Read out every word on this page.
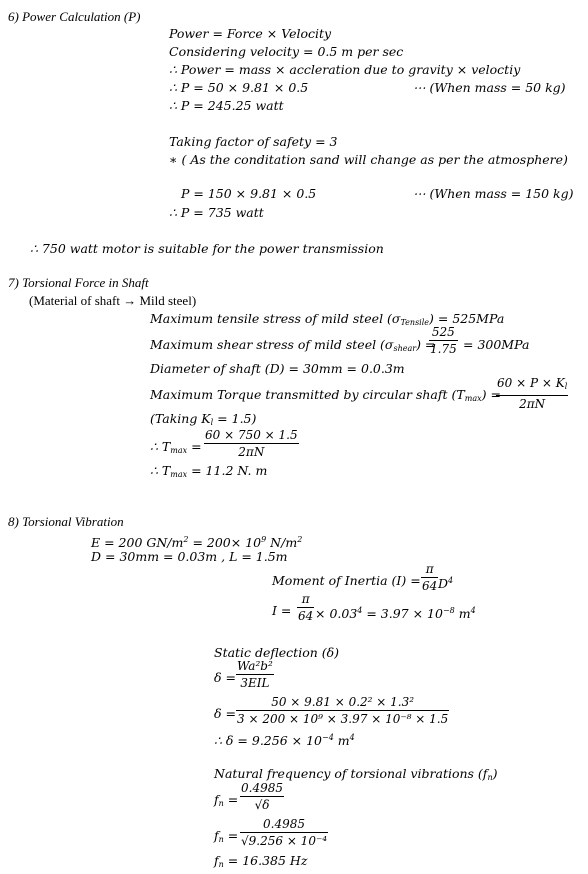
6) Power Calculation (P)
Power = Force × Velocity
Considering velocity = 0.5 m per sec
∴ Power = mass × accleration due to gravity × veloctiy
∴ P = 50 × 9.81 × 0.5	⋯ (When mass = 50 kg)
∴ P = 245.25 watt
Taking factor of safety = 3
∗ ( As the conditation sand will change as per the atmosphere)
P = 150 × 9.81 × 0.5	⋯ (When mass = 150 kg)
∴ P = 735 watt
∴ 750 watt motor is suitable for the power transmission
7) Torsional Force in Shaft
(Material of shaft → Mild steel)
Maximum tensile stress of mild steel $(\sigma_{Tensile}) = 525MPa$
Maximum shear stress of mild steel $(\sigma_{shear})$ =
525
1.75 = 300MPa
Diameter of shaft (D) = 30mm = 0.0.3m
Maximum Torque transmitted by circular shaft $(T_{max})$ =
$60 \times P \times K_l$
2πN
(Taking $K_l = 1.5$)
∴ $T_{max}$ =
60 × 750 × 1.5
2πN
∴ $T_{max} = 11.2$ N. m
8) Torsional Vibration
E = 200 $GN/m^2 = 200\times 10^9$ $N/m^2$
D = 30mm = 0.03m , L = 1.5m
Moment of Inertia (I) =
π
64 $D^4$
I =
π
$64 \times 0.03^4 = 3.97 \times 10^{-8}$ $m^4$
Static deflection (δ)
δ =
Wa²b²
3EIL
δ =
50 × 9.81 × 0.2² × 1.3²
3 × 200 × 10⁹ × 3.97 × 10⁻⁸ × 1.5
∴ $\delta = 9.256 \times 10^{-4}$ $m^4$
Natural frequency of torsional vibrations $(f_n)$
$f_n$ =
0.4985
√δ
$f_n$ =
0.4985
√9.256 × 10⁻⁴
$f_n = 16.385$ Hz
